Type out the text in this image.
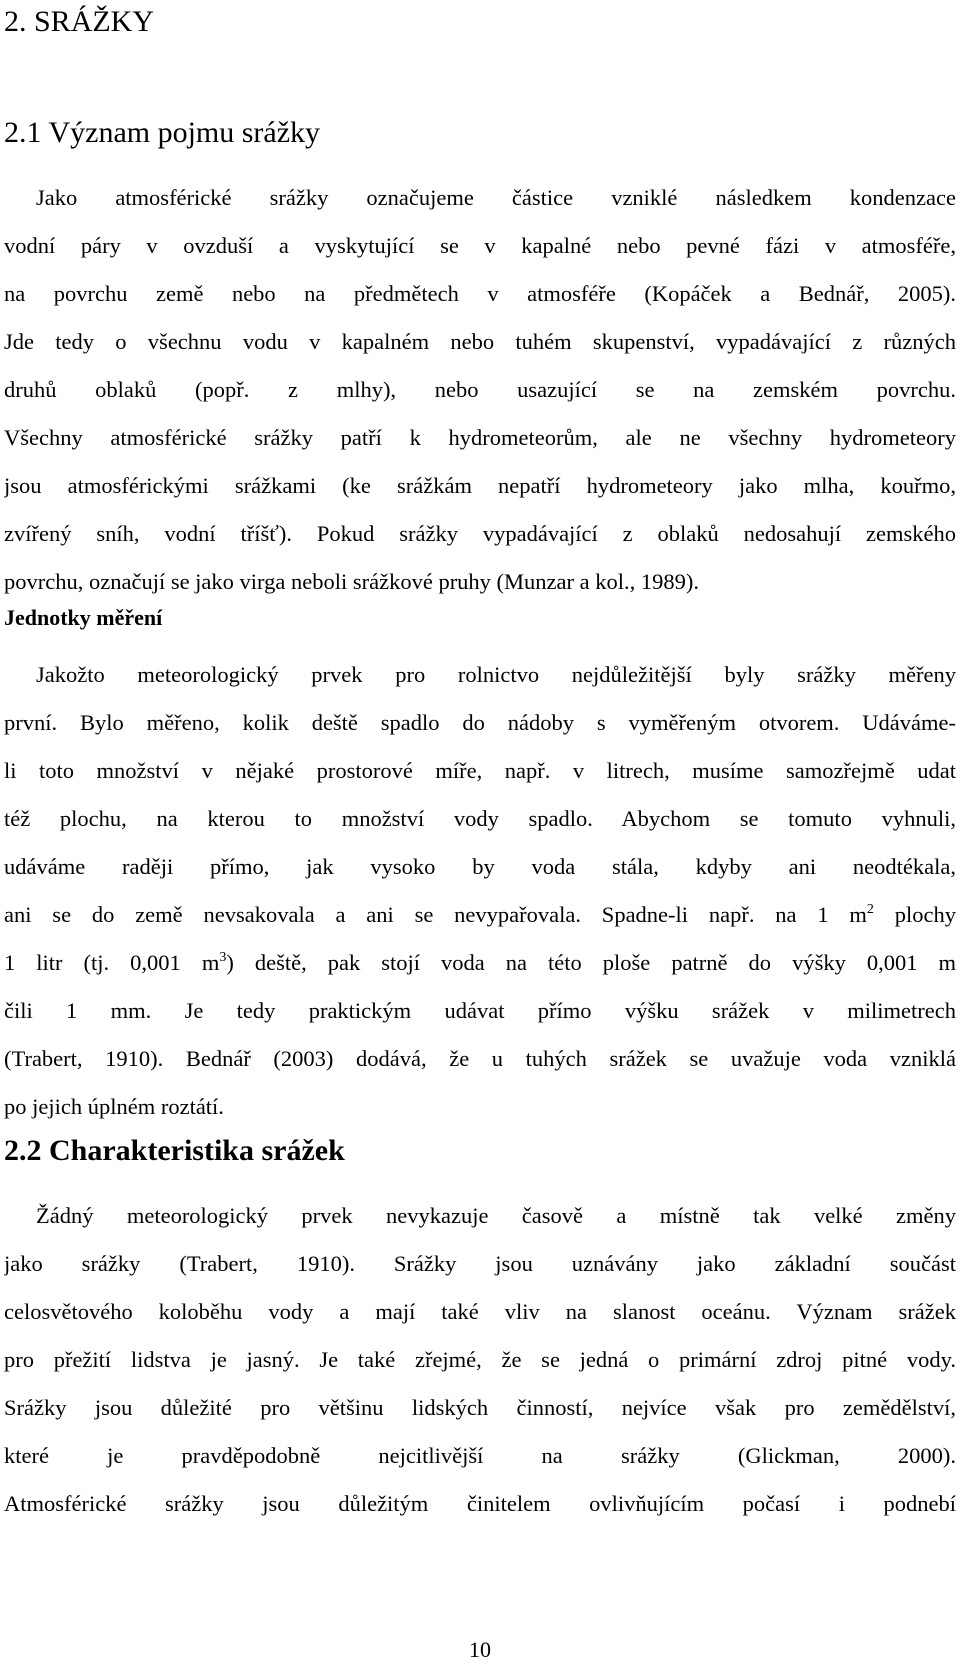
2. SRÁŽKY
2.1 Význam pojmu srážky
Jako atmosférické srážky označujeme částice vzniklé následkem kondenzace
vodní páry v ovzduší a vyskytující se v kapalné nebo pevné fázi v atmosféře,
na povrchu země nebo na předmětech v atmosféře (Kopáček a Bednář, 2005).
Jde tedy o všechnu vodu v kapalném nebo tuhém skupenství, vypadávající z různých
druhů oblaků (popř. z mlhy), nebo usazující se na zemském povrchu.
Všechny atmosférické srážky patří k hydrometeorům, ale ne všechny hydrometeory
jsou atmosférickými srážkami (ke srážkám nepatří hydrometeory jako mlha, kouřmo,
zvířený sníh, vodní tříšť). Pokud srážky vypadávající z oblaků nedosahují zemského
povrchu, označují se jako virga neboli srážkové pruhy (Munzar a kol., 1989).
Jednotky měření
Jakožto meteorologický prvek pro rolnictvo nejdůležitější byly srážky měřeny
první. Bylo měřeno, kolik deště spadlo do nádoby s vyměřeným otvorem. Udáváme-
li toto množství v nějaké prostorové míře, např. v litrech, musíme samozřejmě udat
též plochu, na kterou to množství vody spadlo. Abychom se tomuto vyhnuli,
udáváme raději přímo, jak vysoko by voda stála, kdyby ani neodtékala,
ani se do země nevsakovala a ani se nevypařovala. Spadne-li např. na 1 $m^2$ plochy
1 litr (tj. 0,001 $m^3$) deště, pak stojí voda na této ploše patrně do výšky 0,001 m
čili 1 mm. Je tedy praktickým udávat přímo výšku srážek v milimetrech
(Trabert, 1910). Bednář (2003) dodává, že u tuhých srážek se uvažuje voda vzniklá
po jejich úplném roztátí.
2.2 Charakteristika srážek
Žádný meteorologický prvek nevykazuje časově a místně tak velké změny
jako srážky (Trabert, 1910). Srážky jsou uznávány jako základní součást
celosvětového koloběhu vody a mají také vliv na slanost oceánu. Význam srážek
pro přežití lidstva je jasný. Je také zřejmé, že se jedná o primární zdroj pitné vody.
Srážky jsou důležité pro většinu lidských činností, nejvíce však pro zemědělství,
které je pravděpodobně nejcitlivější na srážky (Glickman, 2000).
Atmosférické srážky jsou důležitým činitelem ovlivňujícím počasí i podnebí
10
